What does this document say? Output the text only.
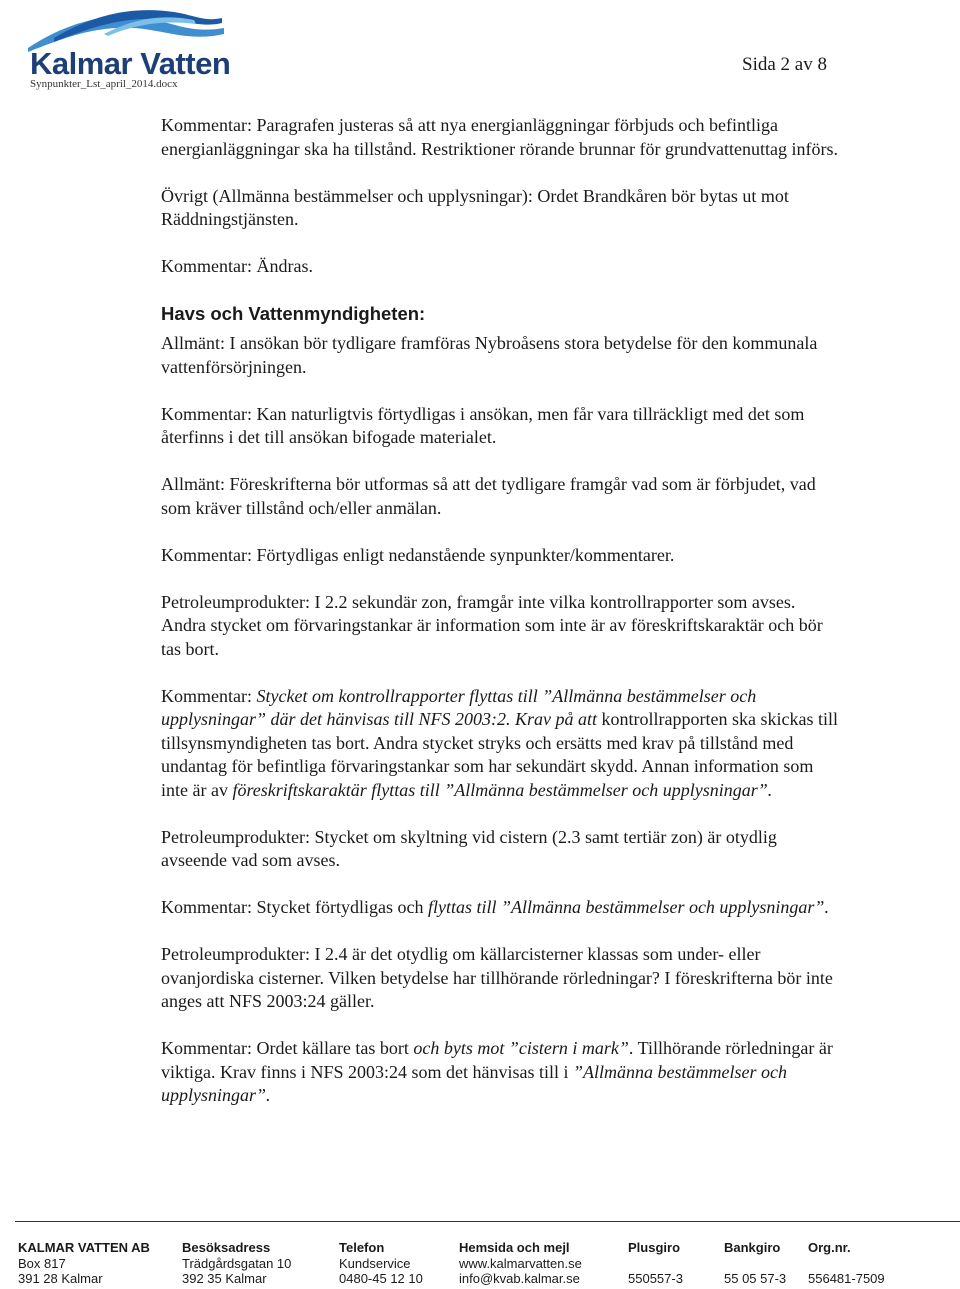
Kalmar Vatten
Synpunkter_Lst_april_2014.docx
Sida 2 av 8

Kommentar: Paragrafen justeras så att nya energianläggningar förbjuds och befintliga energianläggningar ska ha tillstånd. Restriktioner rörande brunnar för grundvattenuttag införs.

Övrigt (Allmänna bestämmelser och upplysningar): Ordet Brandkåren bör bytas ut mot Räddningstjänsten.

Kommentar: Ändras.

Havs och Vattenmyndigheten:

Allmänt: I ansökan bör tydligare framföras Nybroåsens stora betydelse för den kommunala vattenförsörjningen.

Kommentar: Kan naturligtvis förtydligas i ansökan, men får vara tillräckligt med det som återfinns i det till ansökan bifogade materialet.

Allmänt: Föreskrifterna bör utformas så att det tydligare framgår vad som är förbjudet, vad som kräver tillstånd och/eller anmälan.

Kommentar: Förtydligas enligt nedanstående synpunkter/kommentarer.

Petroleumprodukter: I 2.2 sekundär zon, framgår inte vilka kontrollrapporter som avses. Andra stycket om förvaringstankar är information som inte är av föreskriftskaraktär och bör tas bort.

Kommentar: Stycket om kontrollrapporter flyttas till ”Allmänna bestämmelser och upplysningar” där det hänvisas till NFS 2003:2. Krav på att kontrollrapporten ska skickas till tillsynsmyndigheten tas bort. Andra stycket stryks och ersätts med krav på tillstånd med undantag för befintliga förvaringstankar som har sekundärt skydd. Annan information som inte är av föreskriftskaraktär flyttas till ”Allmänna bestämmelser och upplysningar”.

Petroleumprodukter: Stycket om skyltning vid cistern (2.3 samt tertiär zon) är otydlig avseende vad som avses.

Kommentar: Stycket förtydligas och flyttas till ”Allmänna bestämmelser och upplysningar”.

Petroleumprodukter: I 2.4 är det otydlig om källarcisterner klassas som under- eller ovanjordiska cisterner. Vilken betydelse har tillhörande rörledningar? I föreskrifterna bör inte anges att NFS 2003:24 gäller.

Kommentar: Ordet källare tas bort och byts mot ”cistern i mark”. Tillhörande rörledningar är viktiga. Krav finns i NFS 2003:24 som det hänvisas till i ”Allmänna bestämmelser och upplysningar”.

KALMAR VATTEN AB
Box 817
391 28 Kalmar
Besöksadress
Trädgårdsgatan 10
392 35 Kalmar
Telefon
Kundservice
0480-45 12 10
Hemsida och mejl
www.kalmarvatten.se
info@kvab.kalmar.se
Plusgiro

550557-3
Bankgiro

55 05 57-3
Org.nr.

556481-7509
